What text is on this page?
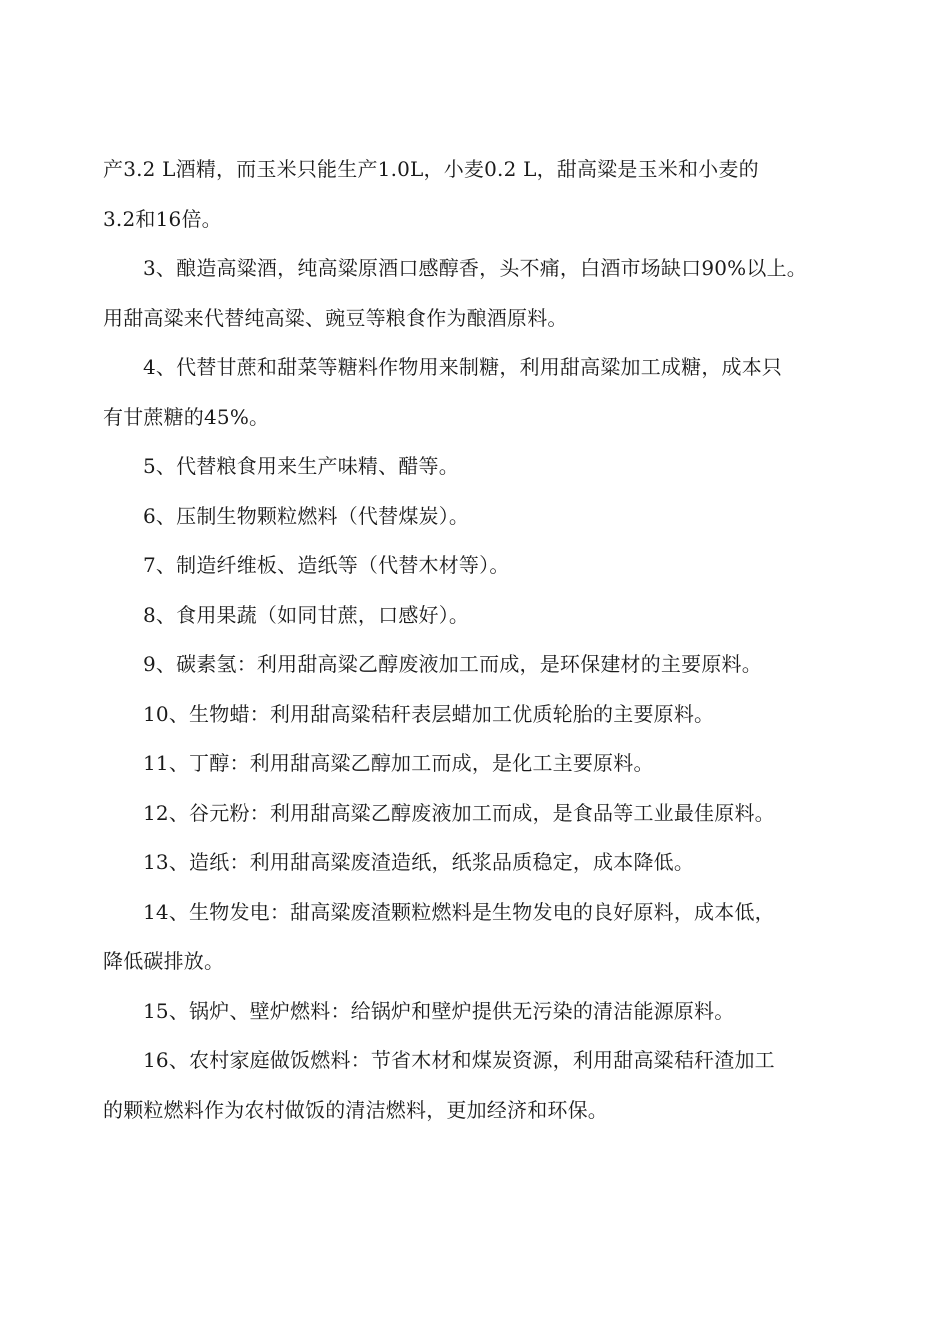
产3.2 L酒精，而玉米只能生产1.0L，小麦0.2 L，甜高粱是玉米和小麦的

3.2和16倍。

3、酿造高粱酒，纯高粱原酒口感醇香，头不痛，白酒市场缺口90%以上。

用甜高粱来代替纯高粱、豌豆等粮食作为酿酒原料。

4、代替甘蔗和甜菜等糖料作物用来制糖，利用甜高粱加工成糖，成本只

有甘蔗糖的45%。

5、代替粮食用来生产味精、醋等。

6、压制生物颗粒燃料（代替煤炭）。

7、制造纤维板、造纸等（代替木材等）。

8、食用果蔬（如同甘蔗，口感好）。

9、碳素氢：利用甜高粱乙醇废液加工而成，是环保建材的主要原料。

10、生物蜡：利用甜高粱秸秆表层蜡加工优质轮胎的主要原料。

11、丁醇：利用甜高粱乙醇加工而成，是化工主要原料。

12、谷元粉：利用甜高粱乙醇废液加工而成，是食品等工业最佳原料。

13、造纸：利用甜高粱废渣造纸，纸浆品质稳定，成本降低。

14、生物发电：甜高粱废渣颗粒燃料是生物发电的良好原料，成本低，

降低碳排放。

15、锅炉、壁炉燃料：给锅炉和壁炉提供无污染的清洁能源原料。

16、农村家庭做饭燃料：节省木材和煤炭资源，利用甜高粱秸秆渣加工

的颗粒燃料作为农村做饭的清洁燃料，更加经济和环保。
